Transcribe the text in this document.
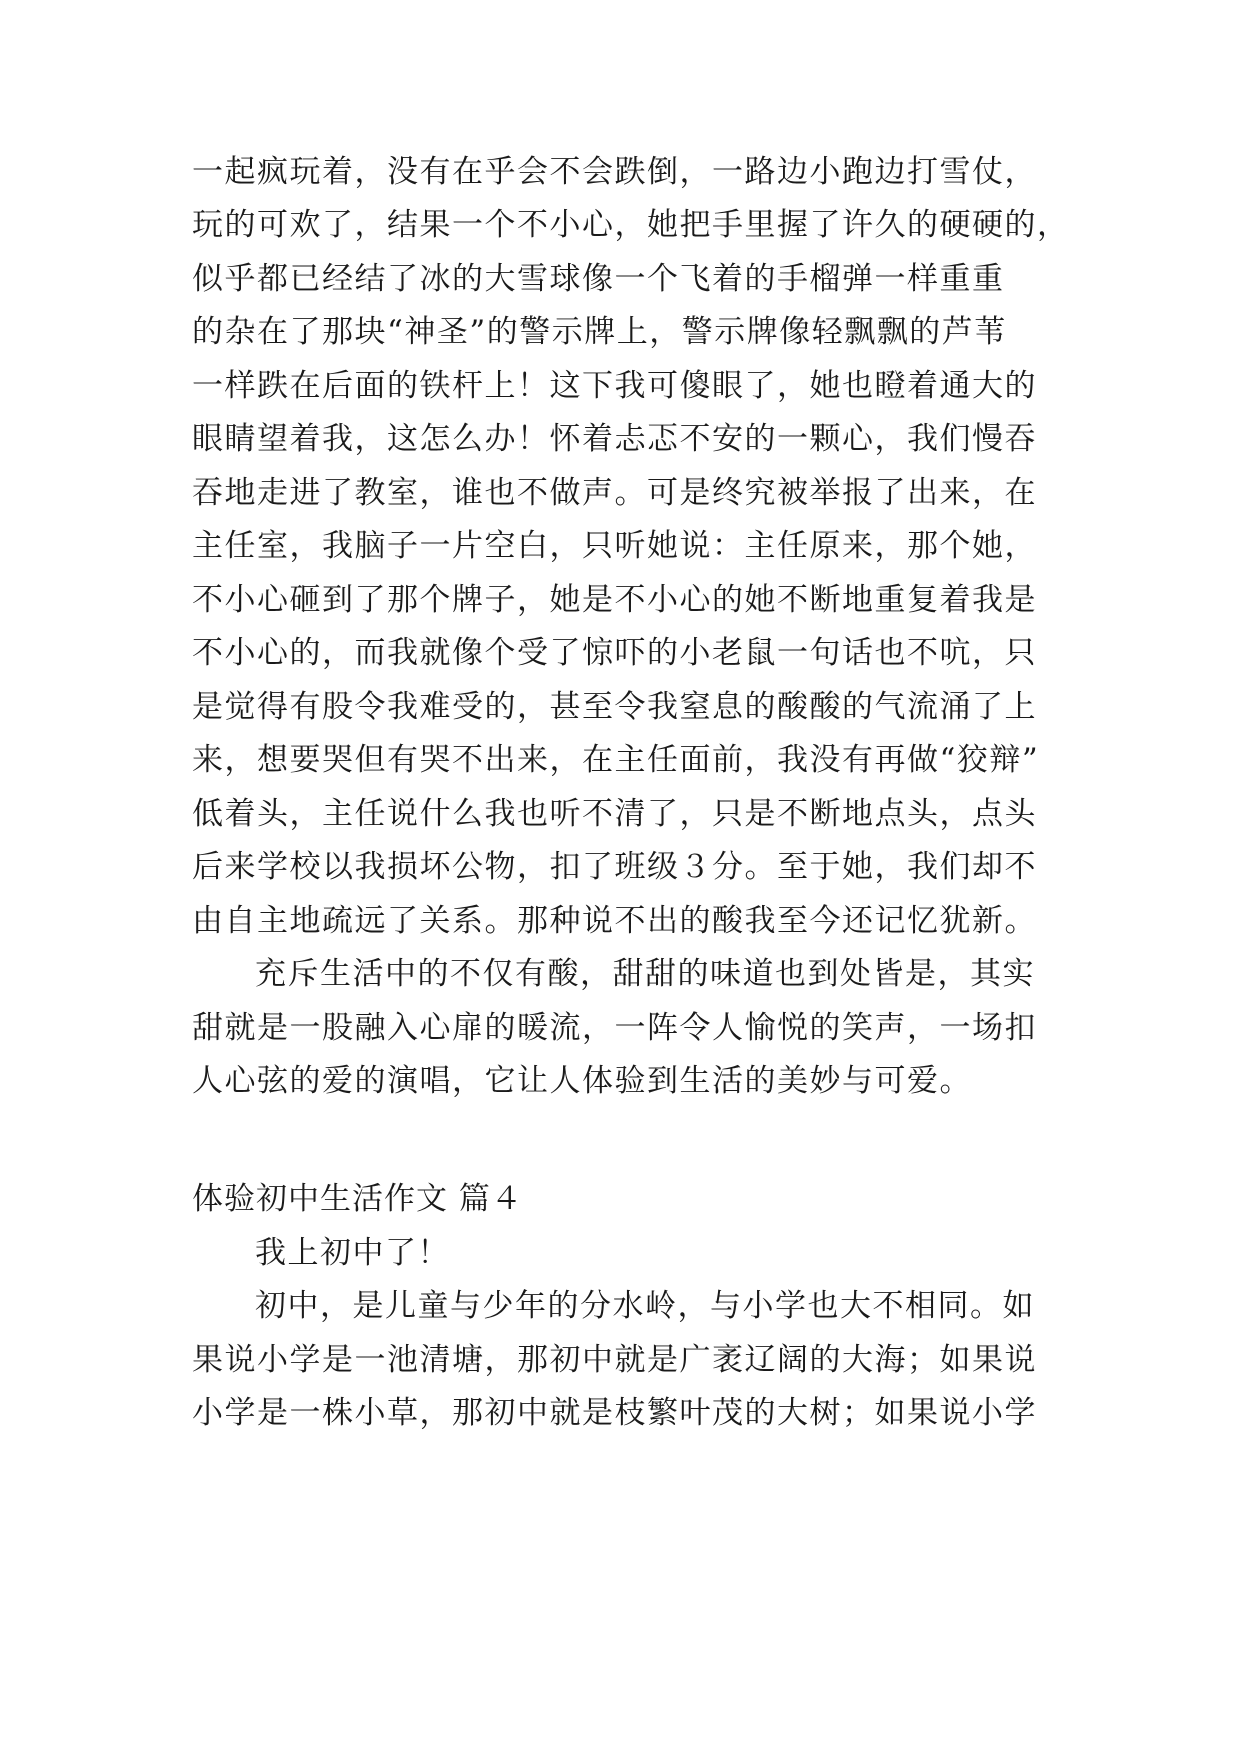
一起疯玩着，没有在乎会不会跌倒，一路边小跑边打雪仗，
玩的可欢了，结果一个不小心，她把手里握了许久的硬硬的，
似乎都已经结了冰的大雪球像一个飞着的手榴弹一样重重
的杂在了那块“神圣”的警示牌上，警示牌像轻飘飘的芦苇
一样跌在后面的铁杆上！这下我可傻眼了，她也瞪着通大的
眼睛望着我，这怎么办！怀着忐忑不安的一颗心，我们慢吞
吞地走进了教室，谁也不做声。可是终究被举报了出来，在
主任室，我脑子一片空白，只听她说：主任原来，那个她，
不小心砸到了那个牌子，她是不小心的她不断地重复着我是
不小心的，而我就像个受了惊吓的小老鼠一句话也不吭，只
是觉得有股令我难受的，甚至令我窒息的酸酸的气流涌了上
来，想要哭但有哭不出来，在主任面前，我没有再做“狡辩”
低着头，主任说什么我也听不清了，只是不断地点头，点头
后来学校以我损坏公物，扣了班级３分。至于她，我们却不
由自主地疏远了关系。那种说不出的酸我至今还记忆犹新。
充斥生活中的不仅有酸，甜甜的味道也到处皆是，其实
甜就是一股融入心扉的暖流，一阵令人愉悦的笑声，一场扣
人心弦的爱的演唱，它让人体验到生活的美妙与可爱。
体验初中生活作文 篇４
我上初中了！
初中，是儿童与少年的分水岭，与小学也大不相同。如
果说小学是一池清塘，那初中就是广袤辽阔的大海；如果说
小学是一株小草，那初中就是枝繁叶茂的大树；如果说小学
